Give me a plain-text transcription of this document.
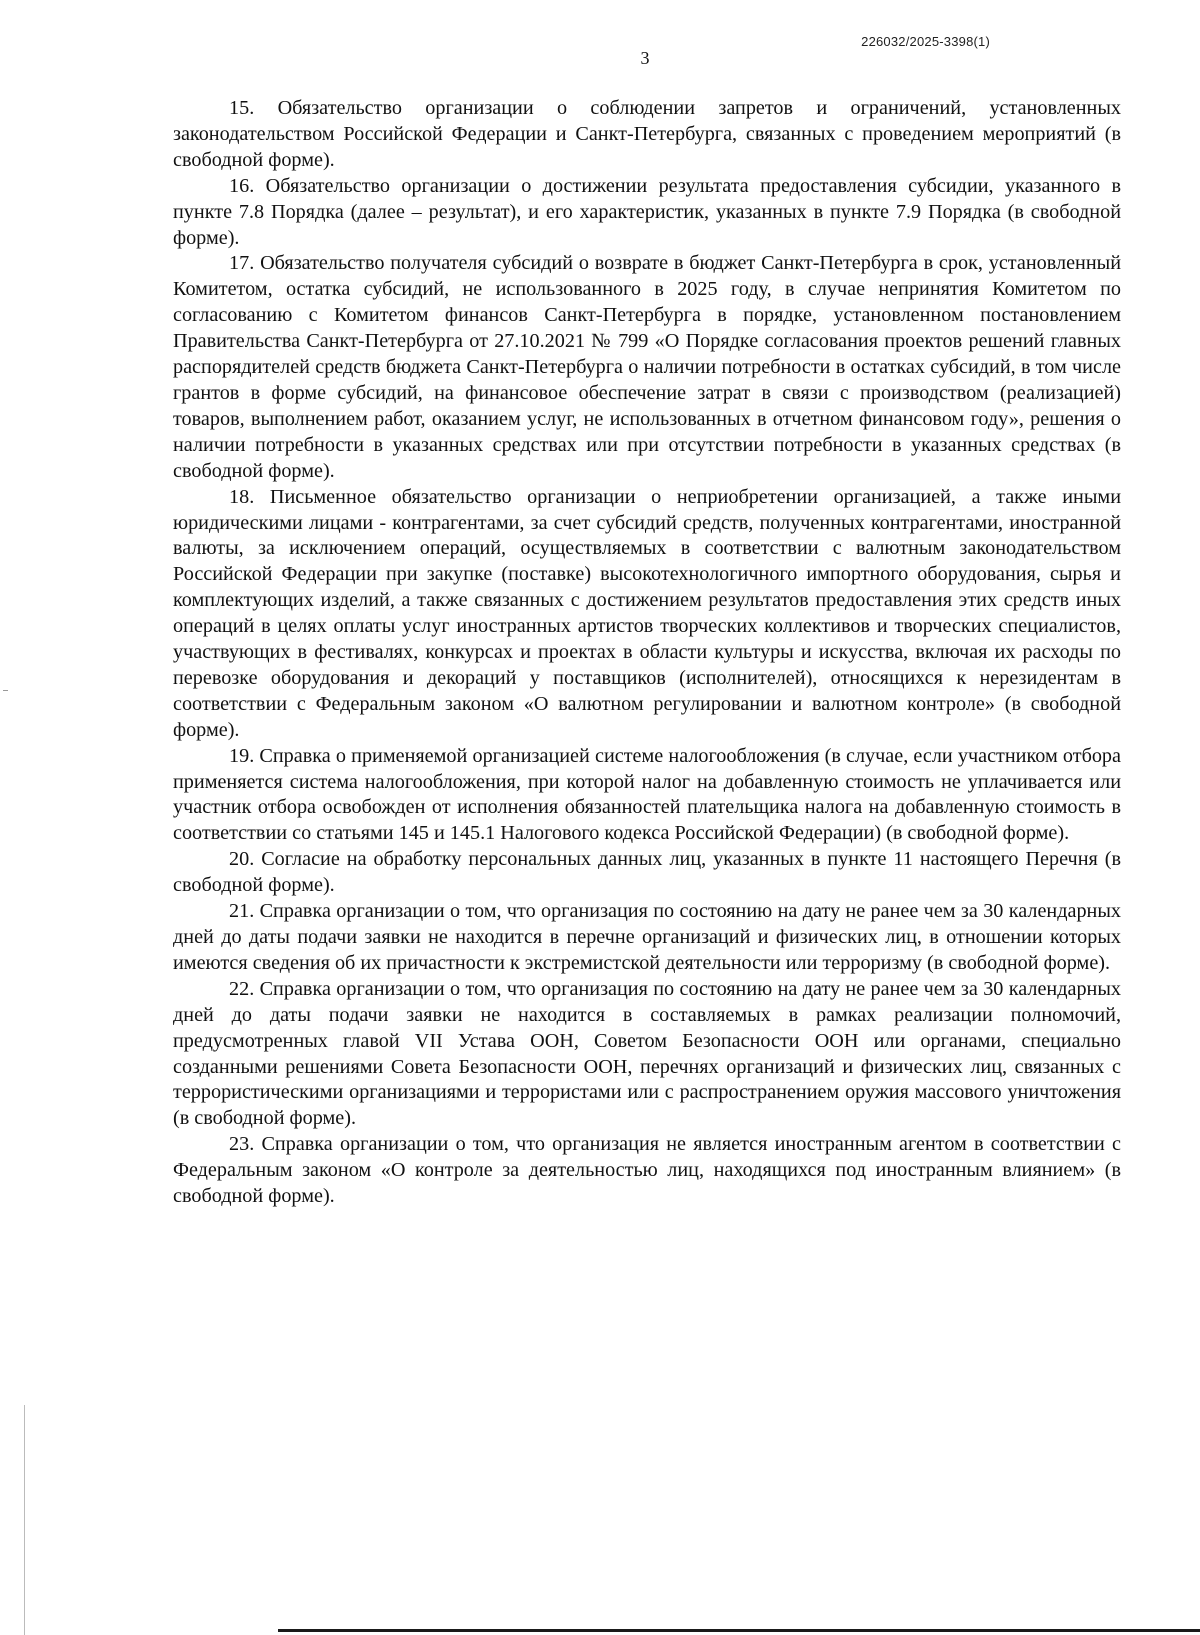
226032/2025-3398(1)
3

15. Обязательство организации о соблюдении запретов и ограничений, установленных законодательством Российской Федерации и Санкт-Петербурга, связанных с проведением мероприятий (в свободной форме).

16. Обязательство организации о достижении результата предоставления субсидии, указанного в пункте 7.8 Порядка (далее – результат), и его характеристик, указанных в пункте 7.9 Порядка (в свободной форме).

17. Обязательство получателя субсидий о возврате в бюджет Санкт-Петербурга в срок, установленный Комитетом, остатка субсидий, не использованного в 2025 году, в случае непринятия Комитетом по согласованию с Комитетом финансов Санкт-Петербурга в порядке, установленном постановлением Правительства Санкт-Петербурга от 27.10.2021 № 799 «О Порядке согласования проектов решений главных распорядителей средств бюджета Санкт-Петербурга о наличии потребности в остатках субсидий, в том числе грантов в форме субсидий, на финансовое обеспечение затрат в связи с производством (реализацией) товаров, выполнением работ, оказанием услуг, не использованных в отчетном финансовом году», решения о наличии потребности в указанных средствах или при отсутствии потребности в указанных средствах (в свободной форме).

18. Письменное обязательство организации о неприобретении организацией, а также иными юридическими лицами - контрагентами, за счет субсидий средств, полученных контрагентами, иностранной валюты, за исключением операций, осуществляемых в соответствии с валютным законодательством Российской Федерации при закупке (поставке) высокотехнологичного импортного оборудования, сырья и комплектующих изделий, а также связанных с достижением результатов предоставления этих средств иных операций в целях оплаты услуг иностранных артистов творческих коллективов и творческих специалистов, участвующих в фестивалях, конкурсах и проектах в области культуры и искусства, включая их расходы по перевозке оборудования и декораций у поставщиков (исполнителей), относящихся к нерезидентам в соответствии с Федеральным законом «О валютном регулировании и валютном контроле» (в свободной форме).

19. Справка о применяемой организацией системе налогообложения (в случае, если участником отбора применяется система налогообложения, при которой налог на добавленную стоимость не уплачивается или участник отбора освобожден от исполнения обязанностей плательщика налога на добавленную стоимость в соответствии со статьями 145 и 145.1 Налогового кодекса Российской Федерации) (в свободной форме).

20. Согласие на обработку персональных данных лиц, указанных в пункте 11 настоящего Перечня (в свободной форме).

21. Справка организации о том, что организация по состоянию на дату не ранее чем за 30 календарных дней до даты подачи заявки не находится в перечне организаций и физических лиц, в отношении которых имеются сведения об их причастности к экстремистской деятельности или терроризму (в свободной форме).

22. Справка организации о том, что организация по состоянию на дату не ранее чем за 30 календарных дней до даты подачи заявки не находится в составляемых в рамках реализации полномочий, предусмотренных главой VII Устава ООН, Советом Безопасности ООН или органами, специально созданными решениями Совета Безопасности ООН, перечнях организаций и физических лиц, связанных с террористическими организациями и террористами или с распространением оружия массового уничтожения (в свободной форме).

23. Справка организации о том, что организация не является иностранным агентом в соответствии с Федеральным законом «О контроле за деятельностью лиц, находящихся под иностранным влиянием» (в свободной форме).
